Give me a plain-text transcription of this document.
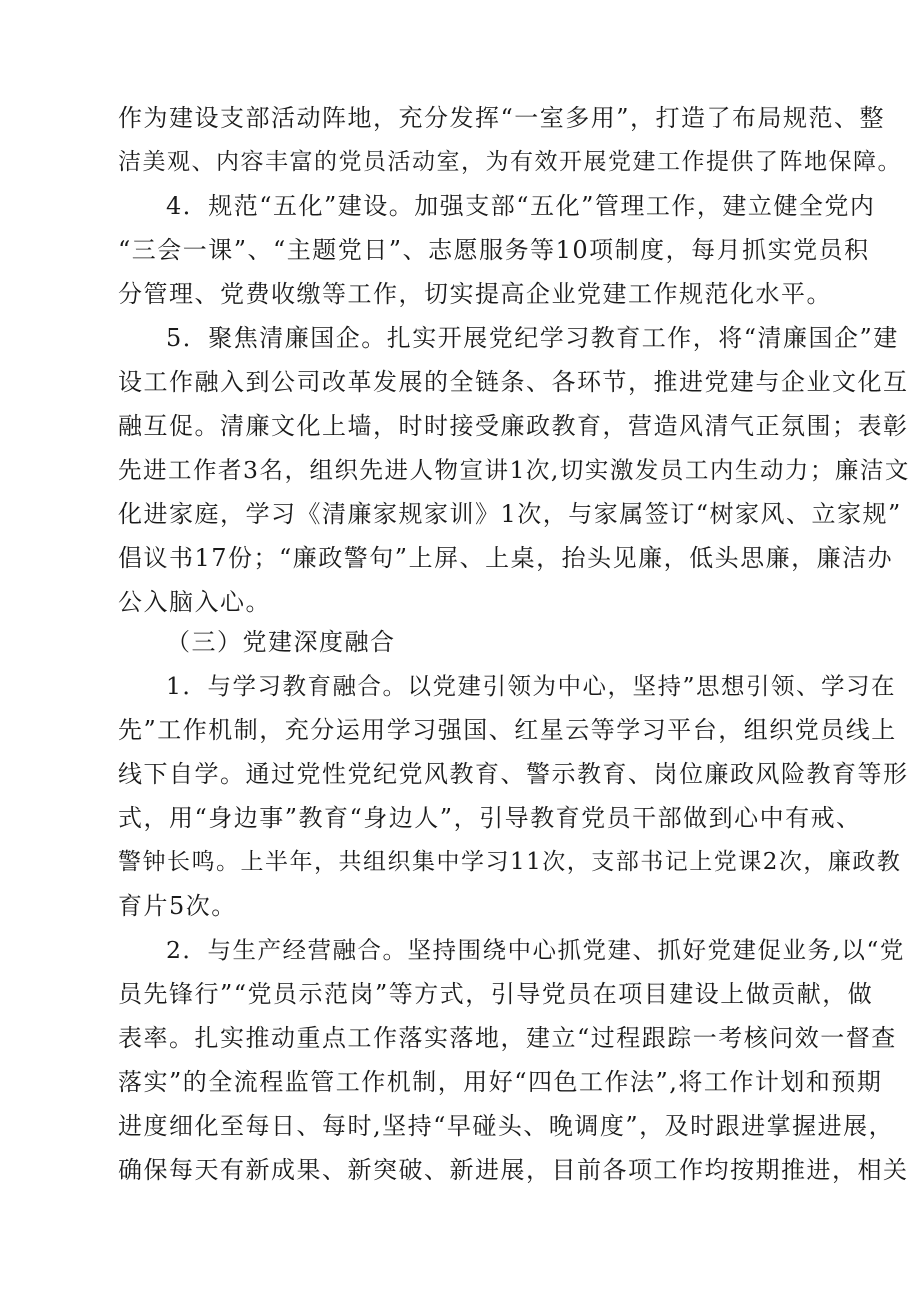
作为建设支部活动阵地，充分发挥“一室多用”，打造了布局规范、整
洁美观、内容丰富的党员活动室，为有效开展党建工作提供了阵地保障。
4．规范“五化”建设。加强支部“五化”管理工作，建立健全党内
“三会一课”、“主题党日”、志愿服务等10项制度，每月抓实党员积
分管理、党费收缴等工作，切实提高企业党建工作规范化水平。
5．聚焦清廉国企。扎实开展党纪学习教育工作，将“清廉国企”建
设工作融入到公司改革发展的全链条、各环节，推进党建与企业文化互
融互促。清廉文化上墙，时时接受廉政教育，营造风清气正氛围；表彰
先进工作者3名，组织先进人物宣讲1次,切实激发员工内生动力；廉洁文
化进家庭，学习《清廉家规家训》1次，与家属签订“树家风、立家规”
倡议书17份；“廉政警句”上屏、上桌，抬头见廉，低头思廉，廉洁办
公入脑入心。
（三）党建深度融合
1．与学习教育融合。以党建引领为中心，坚持”思想引领、学习在
先”工作机制，充分运用学习强国、红星云等学习平台，组织党员线上
线下自学。通过党性党纪党风教育、警示教育、岗位廉政风险教育等形
式，用“身边事”教育“身边人”，引导教育党员干部做到心中有戒、
警钟长鸣。上半年，共组织集中学习11次，支部书记上党课2次，廉政教
育片5次。
2．与生产经营融合。坚持围绕中心抓党建、抓好党建促业务,以“党
员先锋行”“党员示范岗”等方式，引导党员在项目建设上做贡献，做
表率。扎实推动重点工作落实落地，建立“过程跟踪一考核问效一督查
落实”的全流程监管工作机制，用好“四色工作法”,将工作计划和预期
进度细化至每日、每时,坚持“早碰头、晚调度”，及时跟进掌握进展，
确保每天有新成果、新突破、新进展，目前各项工作均按期推进，相关
